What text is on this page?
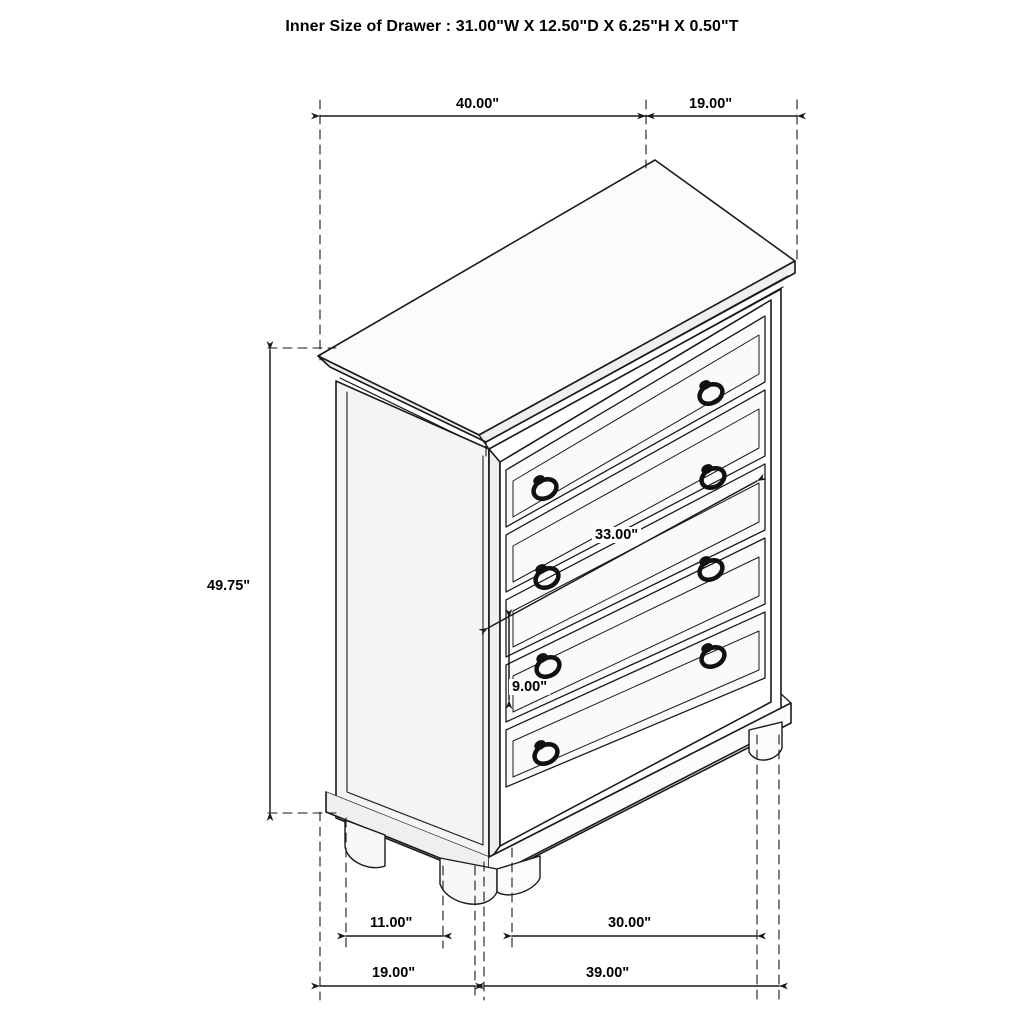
Inner Size of Drawer : 31.00"W X 12.50"D X 6.25"H X 0.50"T
40.00"	19.00"
49.75"
33.00"
9.00"
11.00"	30.00"
19.00"	39.00"
